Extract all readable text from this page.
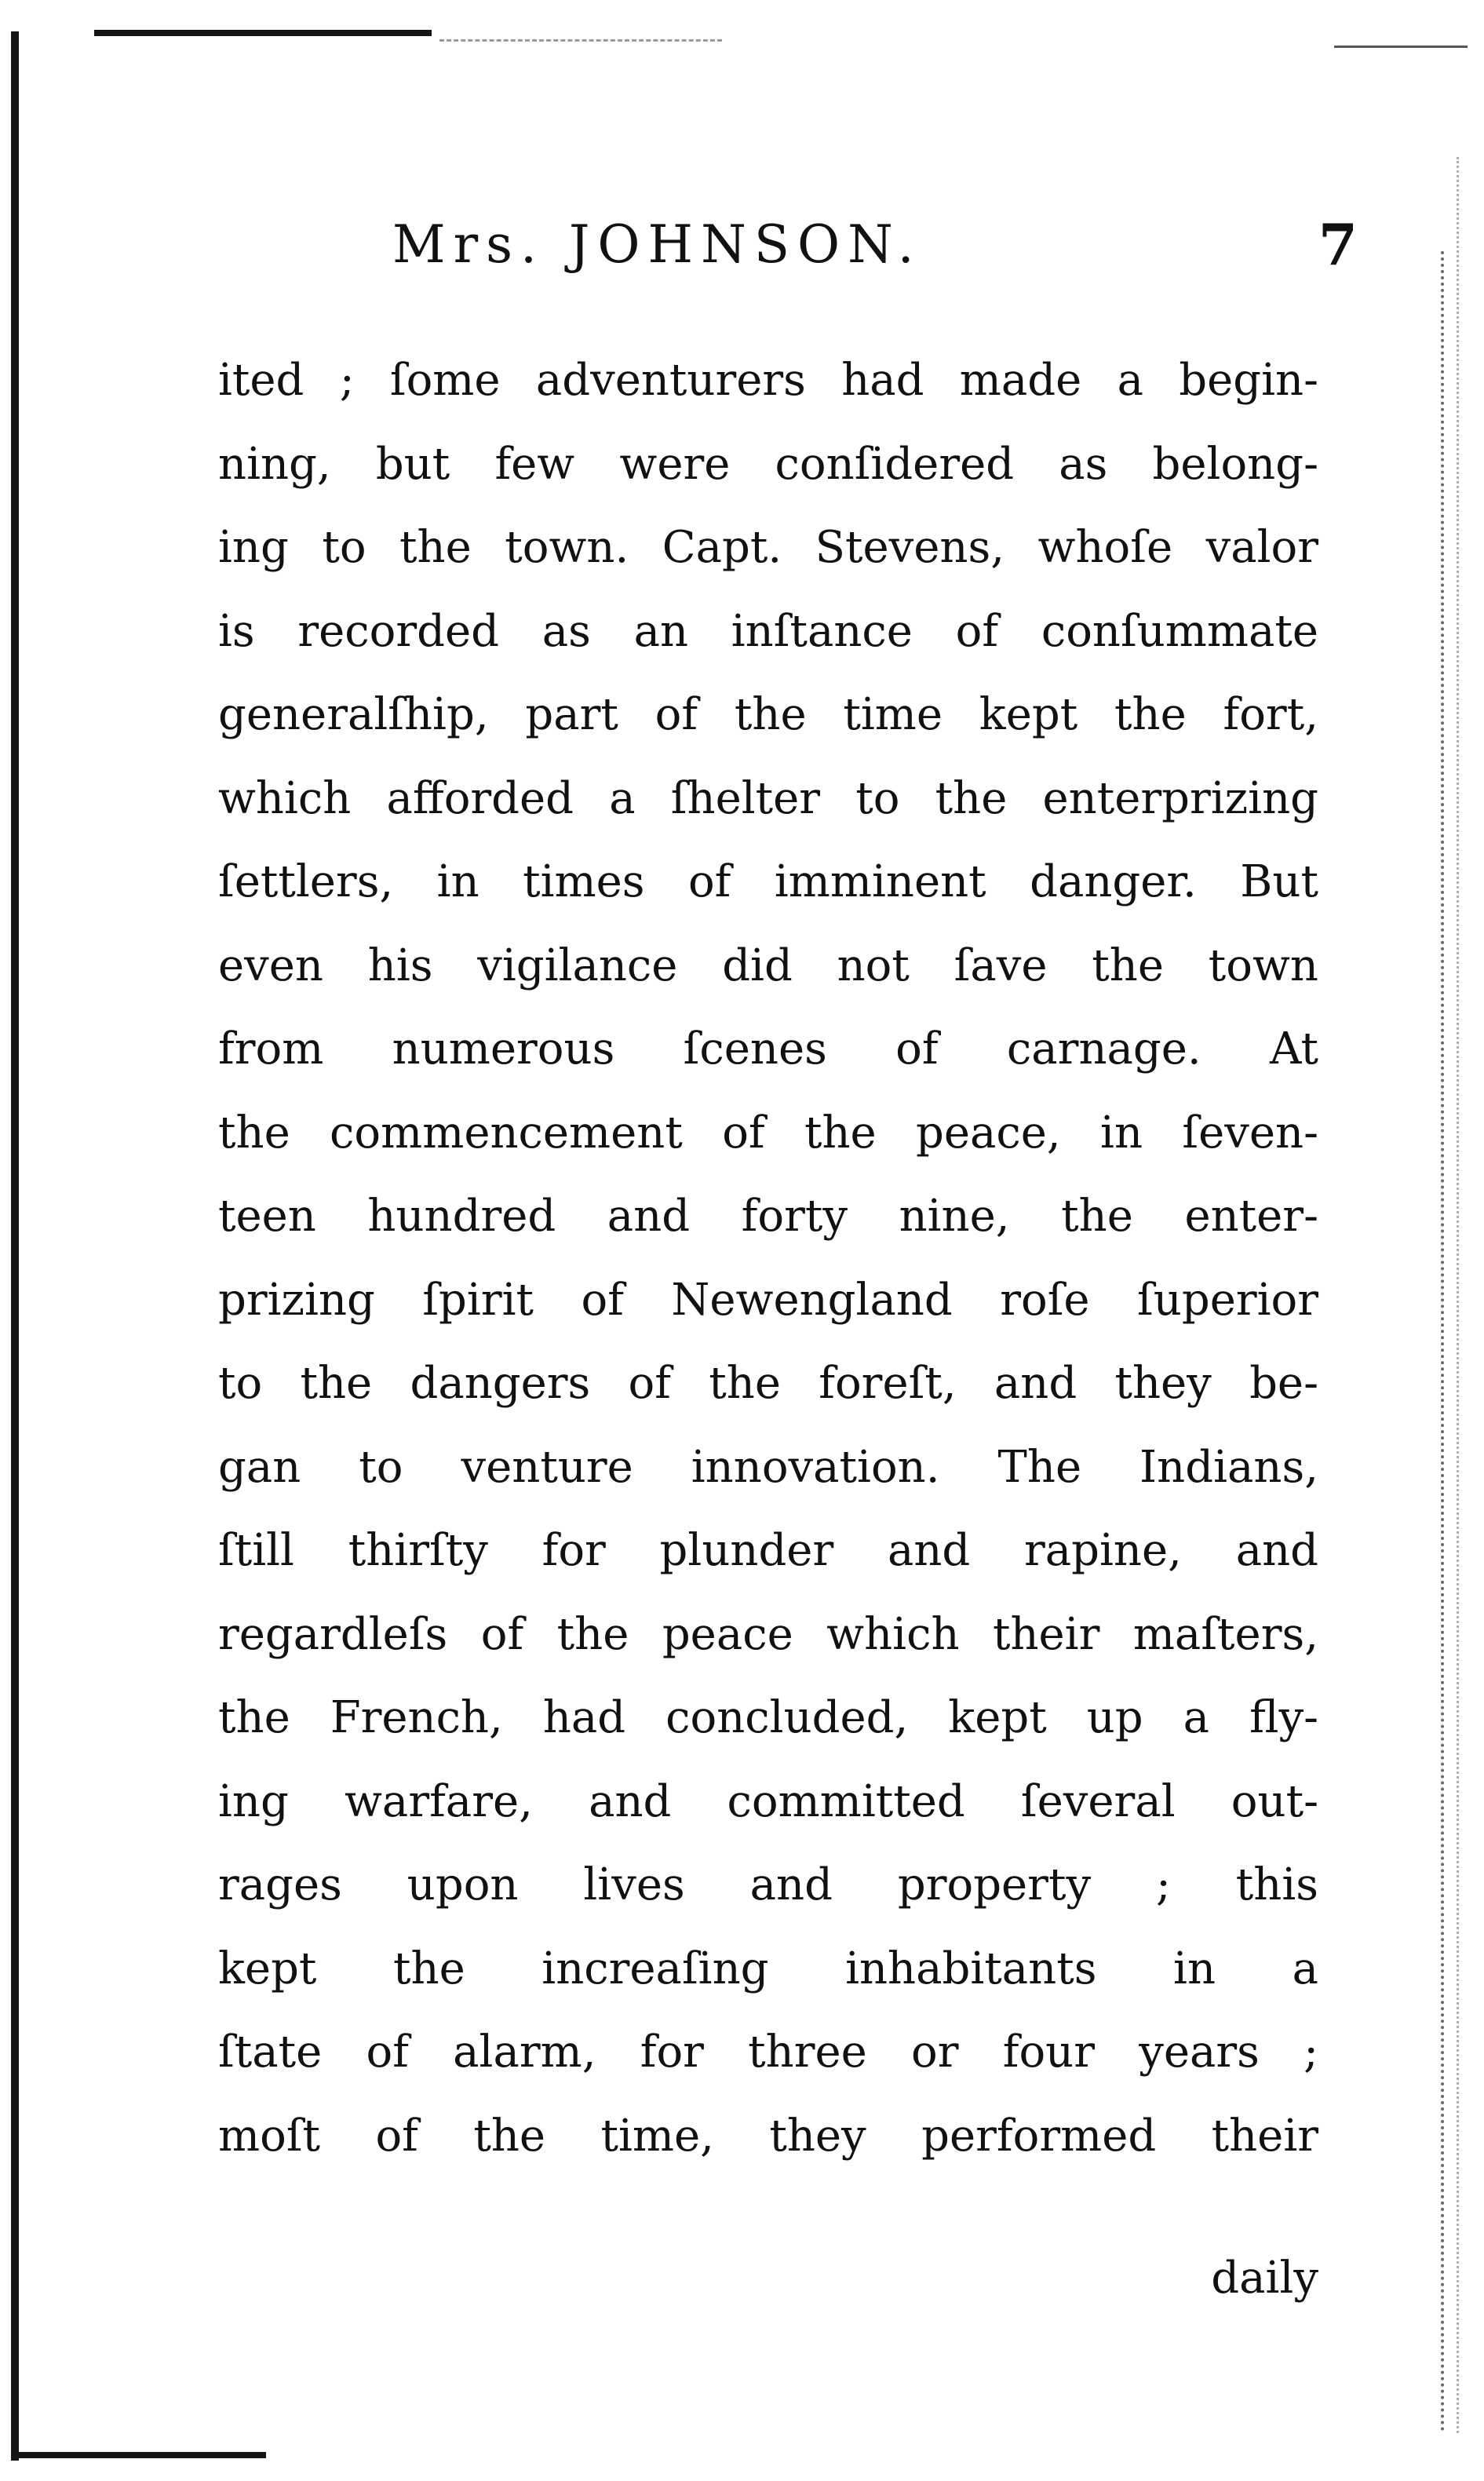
Mrs. JOHNSON.	7
ited ; ſome adventurers had made a begin-
ning, but few were conſidered as belong-
ing to the town. Capt. Stevens, whoſe valor
is recorded as an inſtance of conſummate
generalſhip, part of the time kept the fort,
which afforded a ſhelter to the enterprizing
ſettlers, in times of imminent danger. But
even his vigilance did not ſave the town
from numerous ſcenes of carnage. At
the commencement of the peace, in ſeven-
teen hundred and forty nine, the enter-
prizing ſpirit of Newengland roſe ſuperior
to the dangers of the foreſt, and they be-
gan to venture innovation. The Indians,
ſtill thirſty for plunder and rapine, and
regardleſs of the peace which their maſters,
the French, had concluded, kept up a fly-
ing warfare, and committed ſeveral out-
rages upon lives and property ; this
kept the increaſing inhabitants in a
ſtate of alarm, for three or four years ;
moſt of the time, they performed their
daily
